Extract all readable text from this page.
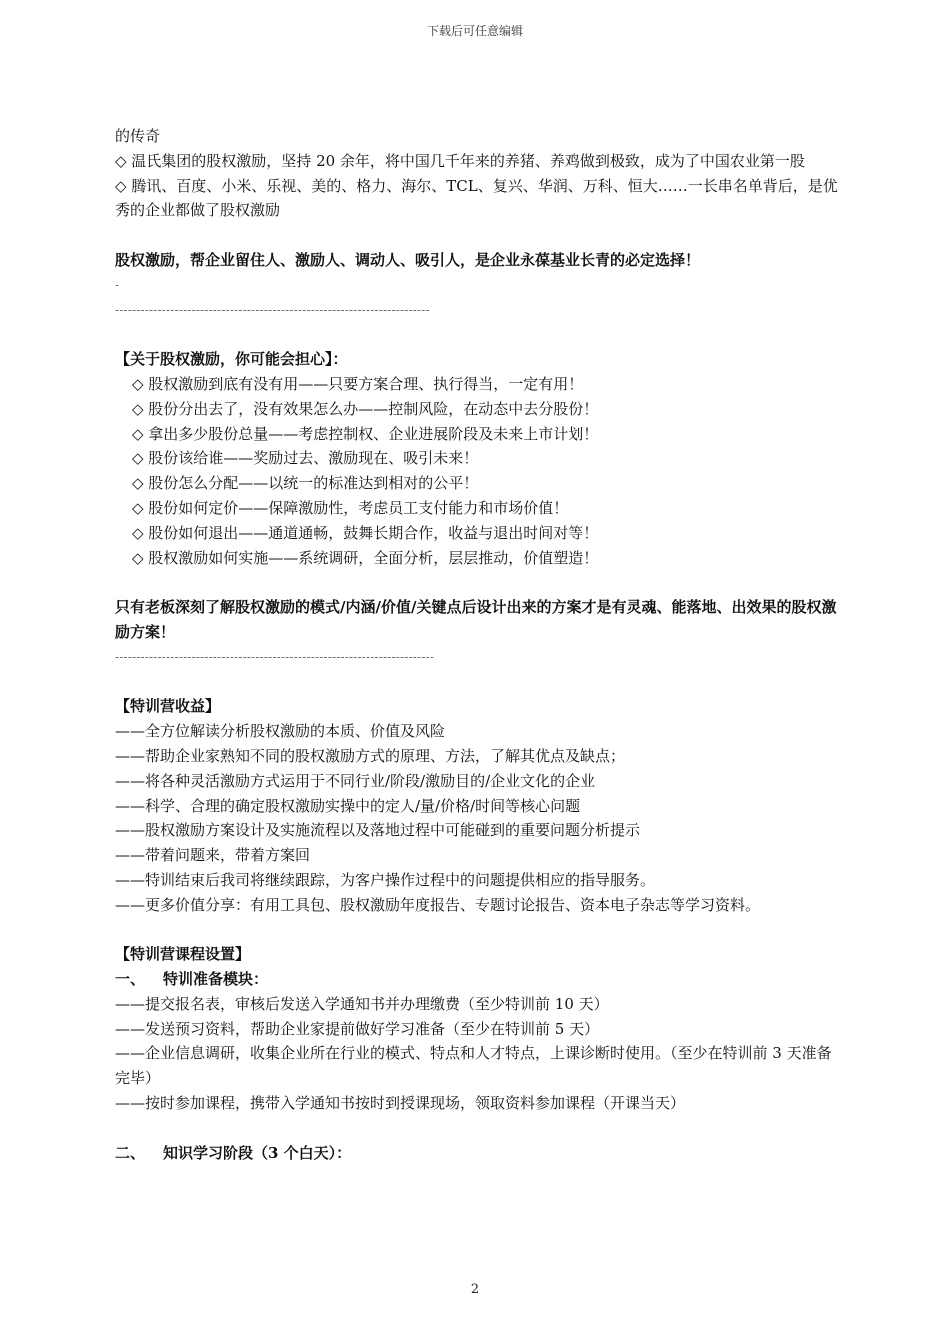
下载后可任意编辑
的传奇
◇ 温氏集团的股权激励，坚持 20 余年，将中国几千年来的养猪、养鸡做到极致，成为了中国农业第一股
◇ 腾讯、百度、小米、乐视、美的、格力、海尔、TCL、复兴、华润、万科、恒大……一长串名单背后，是优秀的企业都做了股权激励
股权激励，帮企业留住人、激励人、调动人、吸引人，是企业永葆基业长青的必定选择！
-
--------------------------------------------------------------------------
【关于股权激励，你可能会担心】：
◇ 股权激励到底有没有用——只要方案合理、执行得当，一定有用！
◇ 股份分出去了，没有效果怎么办——控制风险，在动态中去分股份！
◇ 拿出多少股份总量——考虑控制权、企业进展阶段及未来上市计划！
◇ 股份该给谁——奖励过去、激励现在、吸引未来！
◇ 股份怎么分配——以统一的标准达到相对的公平！
◇ 股份如何定价——保障激励性，考虑员工支付能力和市场价值！
◇ 股份如何退出——通道通畅，鼓舞长期合作，收益与退出时间对等！
◇ 股权激励如何实施——系统调研，全面分析，层层推动，价值塑造！
只有老板深刻了解股权激励的模式/内涵/价值/关键点后设计出来的方案才是有灵魂、能落地、出效果的股权激励方案！
---------------------------------------------------------------------------
【特训营收益】
——全方位解读分析股权激励的本质、价值及风险
——帮助企业家熟知不同的股权激励方式的原理、方法，了解其优点及缺点；
——将各种灵活激励方式运用于不同行业/阶段/激励目的/企业文化的企业
——科学、合理的确定股权激励实操中的定人/量/价格/时间等核心问题
——股权激励方案设计及实施流程以及落地过程中可能碰到的重要问题分析提示
——带着问题来，带着方案回
——特训结束后我司将继续跟踪，为客户操作过程中的问题提供相应的指导服务。
——更多价值分享：有用工具包、股权激励年度报告、专题讨论报告、资本电子杂志等学习资料。
【特训营课程设置】
一、 特训准备模块：
——提交报名表，审核后发送入学通知书并办理缴费（至少特训前 10 天）
——发送预习资料，帮助企业家提前做好学习准备（至少在特训前 5 天）
——企业信息调研，收集企业所在行业的模式、特点和人才特点，上课诊断时使用。（至少在特训前 3 天准备完毕）
——按时参加课程，携带入学通知书按时到授课现场，领取资料参加课程（开课当天）
二、 知识学习阶段（3 个白天）：
2
